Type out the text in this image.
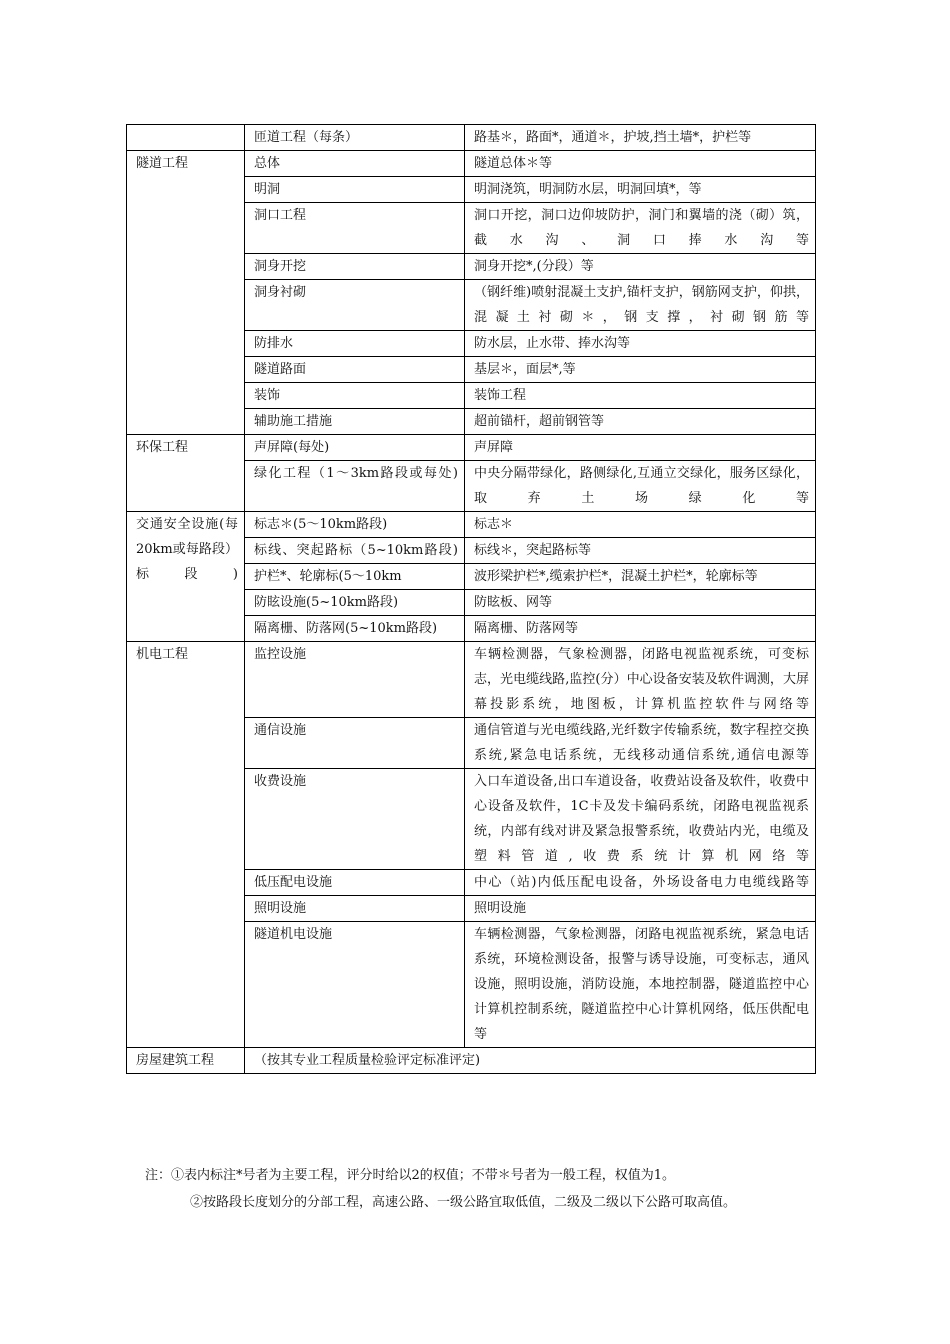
	匝道工程（每条）	路基＊，路面*，通道＊，护坡,挡土墙*，护栏等
隧道工程	总体	隧道总体＊等
	明洞	明洞浇筑，明洞防水层，明洞回填*，等
	洞口工程	洞口开挖，洞口边仰坡防护，洞门和翼墙的浇（砌）筑，截水沟、洞口捧水沟等
	洞身开挖	洞身开挖*,(分段）等
	洞身衬砌	（钢纤维)喷射混凝土支护,锚杆支护，钢筋网支护，仰拱，混凝土衬砌＊，钢支撑，衬砌钢筋等
	防排水	防水层，止水带、捧水沟等
	隧道路面	基层＊，面层*,等
	装饰	装饰工程
	辅助施工措施	超前锚杆，超前钢管等
环保工程	声屏障(每处)	声屏障
	绿化工程（1～3km路段或每处)	中央分隔带绿化，路侧绿化,互通立交绿化，服务区绿化，取弃土场绿化等
交通安全设施(每20km或每路段） 标段)	标志＊(5～10km路段)	标志＊
	标线、突起路标（5~10km路段)	标线＊，突起路标等
	护栏*、轮廓标(5～10km	波形梁护栏*,缆索护栏*，混凝土护栏*，轮廓标等
	防眩设施(5~10km路段)	防眩板、网等
	隔离栅、防落网(5~10km路段)	隔离栅、防落网等
机电工程	监控设施	车辆检测器，气象检测器，闭路电视监视系统，可变标志，光电缆线路,监控(分）中心设备安装及软件调测，大屏幕投影系统，地图板，计算机监控软件与网络等
	通信设施	通信管道与光电缆线路,光纤数字传输系统，数字程控交换系统,紧急电话系统，无线移动通信系统,通信电源等
	收费设施	入口车道设备,出口车道设备，收费站设备及软件，收费中心设备及软件，1C卡及发卡编码系统，闭路电视监视系统，内部有线对讲及紧急报警系统，收费站内光，电缆及塑料管道,收费系统计算机网络等
	低压配电设施	中心（站)内低压配电设备，外场设备电力电缆线路等
	照明设施	照明设施
	隧道机电设施	车辆检测器，气象检测器，闭路电视监视系统，紧急电话系统，环境检测设备，报警与诱导设施，可变标志，通风设施，照明设施，消防设施，本地控制器，隧道监控中心计算机控制系统，隧道监控中心计算机网络，低压供配电等
房屋建筑工程	（按其专业工程质量检验评定标准评定)	
注：①表内标注*号者为主要工程，评分时给以2的权值；不带＊号者为一般工程，权值为1。
②按路段长度划分的分部工程，高速公路、一级公路宜取低值，二级及二级以下公路可取高值。
